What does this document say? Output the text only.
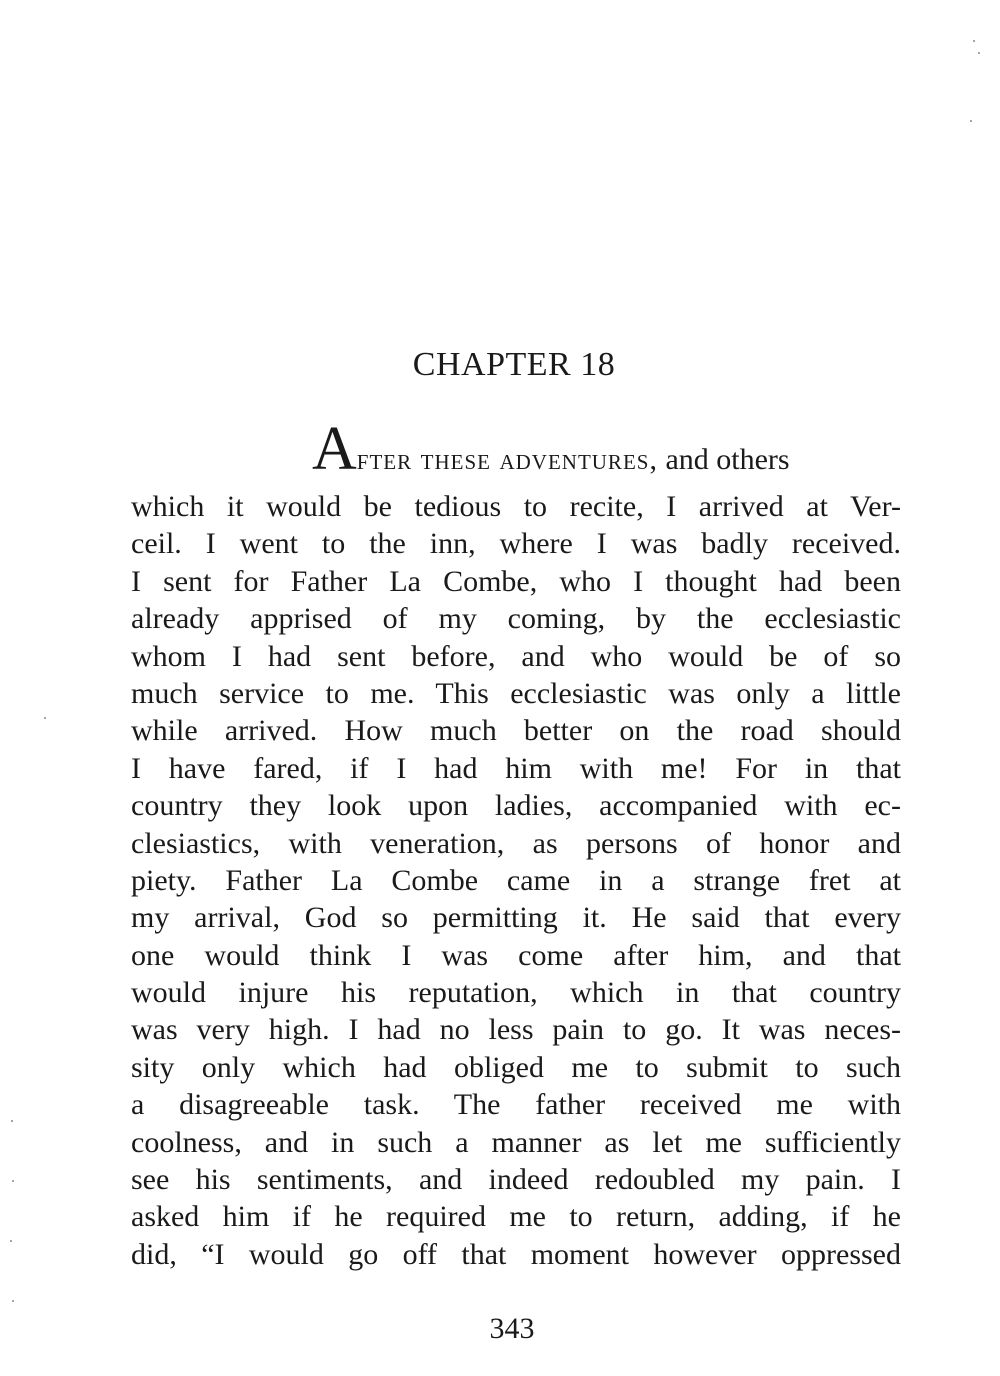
CHAPTER 18
After these adventures, and others
which it would be tedious to recite, I arrived at Ver-
ceil. I went to the inn, where I was badly received.
I sent for Father La Combe, who I thought had been
already apprised of my coming, by the ecclesiastic
whom I had sent before, and who would be of so
much service to me. This ecclesiastic was only a little
while arrived. How much better on the road should
I have fared, if I had him with me! For in that
country they look upon ladies, accompanied with ec-
clesiastics, with veneration, as persons of honor and
piety. Father La Combe came in a strange fret at
my arrival, God so permitting it. He said that every
one would think I was come after him, and that
would injure his reputation, which in that country
was very high. I had no less pain to go. It was neces-
sity only which had obliged me to submit to such
a disagreeable task. The father received me with
coolness, and in such a manner as let me sufficiently
see his sentiments, and indeed redoubled my pain. I
asked him if he required me to return, adding, if he
did, “I would go off that moment however oppressed
343
